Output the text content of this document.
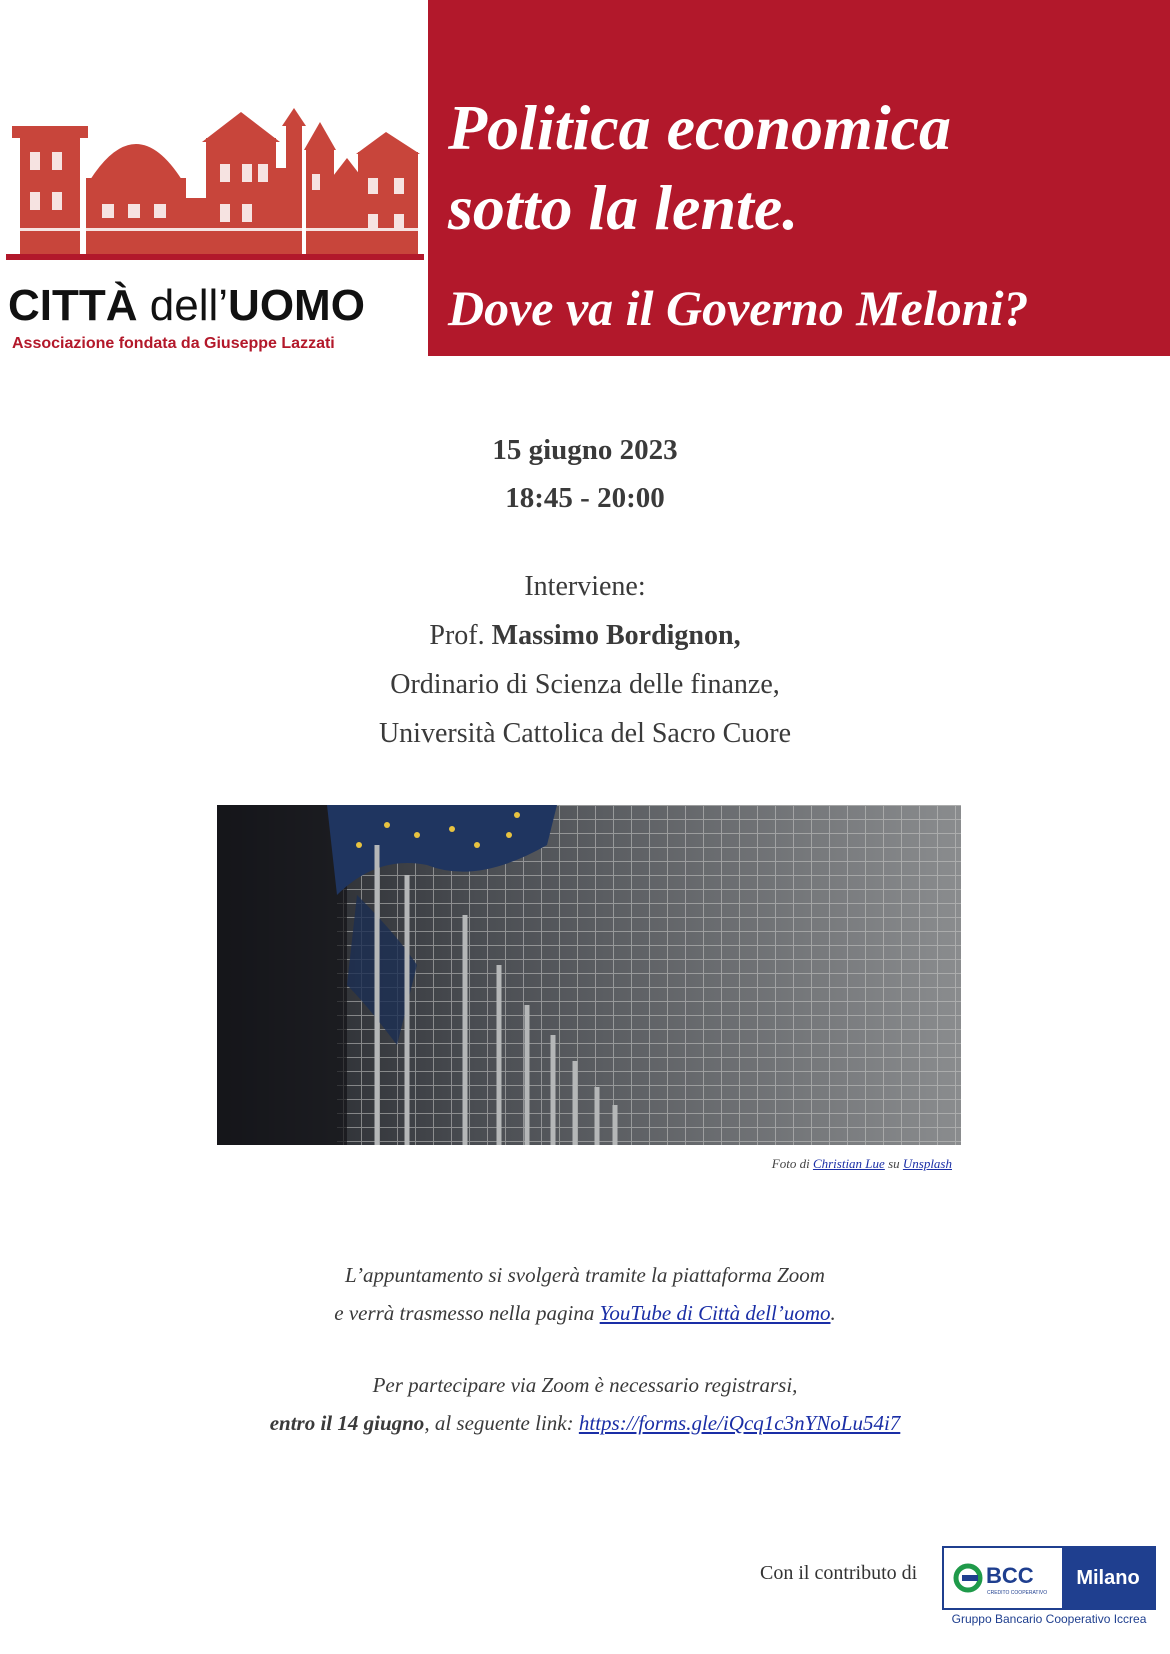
CITTÀ dell’UOMO
Associazione fondata da Giuseppe Lazzati
Politica economica
sotto la lente.
Dove va il Governo Meloni?
15 giugno 2023
18:45 - 20:00
Interviene:
Prof. Massimo Bordignon,
Ordinario di Scienza delle finanze,
Università Cattolica del Sacro Cuore
Foto di Christian Lue su Unsplash
L’appuntamento si svolgerà tramite la piattaforma Zoom
e verrà trasmesso nella pagina YouTube di Città dell’uomo.
Per partecipare via Zoom è necessario registrarsi,
entro il 14 giugno, al seguente link: https://forms.gle/iQcq1c3nYNoLu54i7
Con il contributo di	BCC
CREDITO COOPERATIVO
Milano
Gruppo Bancario Cooperativo Iccrea
